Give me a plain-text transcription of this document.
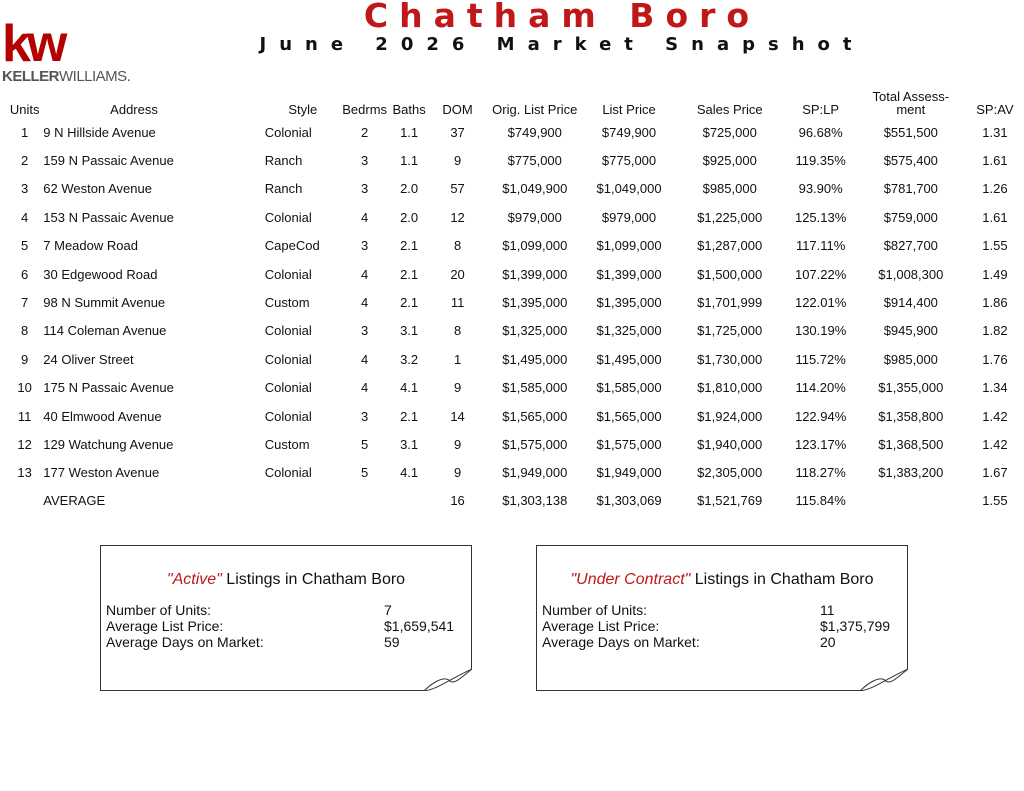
kw
KELLERWILLIAMS.
Chatham Boro
June 2026 Market Snapshot
Units	Address	Style	Bedrms	Baths	DOM	Orig. List Price	List Price	Sales Price	SP:LP	Total Assess-ment	SP:AV
1	9 N Hillside Avenue	Colonial	2	1.1	37	$749,900	$749,900	$725,000	96.68%	$551,500	1.31
2	159 N Passaic Avenue	Ranch	3	1.1	9	$775,000	$775,000	$925,000	119.35%	$575,400	1.61
3	62 Weston Avenue	Ranch	3	2.0	57	$1,049,900	$1,049,000	$985,000	93.90%	$781,700	1.26
4	153 N Passaic Avenue	Colonial	4	2.0	12	$979,000	$979,000	$1,225,000	125.13%	$759,000	1.61
5	7 Meadow Road	CapeCod	3	2.1	8	$1,099,000	$1,099,000	$1,287,000	117.11%	$827,700	1.55
6	30 Edgewood Road	Colonial	4	2.1	20	$1,399,000	$1,399,000	$1,500,000	107.22%	$1,008,300	1.49
7	98 N Summit Avenue	Custom	4	2.1	11	$1,395,000	$1,395,000	$1,701,999	122.01%	$914,400	1.86
8	114 Coleman Avenue	Colonial	3	3.1	8	$1,325,000	$1,325,000	$1,725,000	130.19%	$945,900	1.82
9	24 Oliver Street	Colonial	4	3.2	1	$1,495,000	$1,495,000	$1,730,000	115.72%	$985,000	1.76
10	175 N Passaic Avenue	Colonial	4	4.1	9	$1,585,000	$1,585,000	$1,810,000	114.20%	$1,355,000	1.34
11	40 Elmwood Avenue	Colonial	3	2.1	14	$1,565,000	$1,565,000	$1,924,000	122.94%	$1,358,800	1.42
12	129 Watchung Avenue	Custom	5	3.1	9	$1,575,000	$1,575,000	$1,940,000	123.17%	$1,368,500	1.42
13	177 Weston Avenue	Colonial	5	4.1	9	$1,949,000	$1,949,000	$2,305,000	118.27%	$1,383,200	1.67
	AVERAGE				16	$1,303,138	$1,303,069	$1,521,769	115.84%		1.55
"Active" Listings in Chatham Boro
Number of Units:	7
Average List Price:	$1,659,541
Average Days on Market:	59
"Under Contract" Listings in Chatham Boro
Number of Units:	11
Average List Price:	$1,375,799
Average Days on Market:	20
